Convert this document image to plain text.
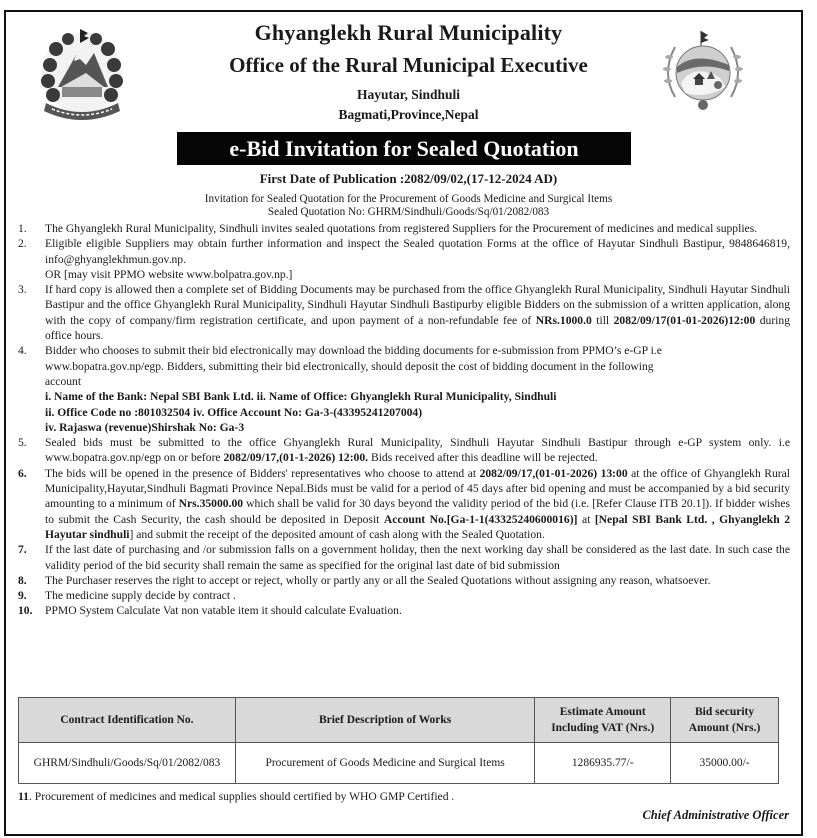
Ghyanglekh Rural Municipality
Office of the Rural Municipal Executive
Hayutar, Sindhuli
Bagmati,Province,Nepal
e-Bid Invitation for Sealed Quotation
First Date of Publication :2082/09/02,(17-12-2024 AD)
Invitation for Sealed Quotation for the Procurement of Goods Medicine and Surgical Items
Sealed Quotation No: GHRM/Sindhuli/Goods/Sq/01/2082/083
1.	The Ghyanglekh Rural Municipality, Sindhuli invites sealed quotations from registered Suppliers for the Procurement of medicines and medical supplies.
2.	Eligible eligible Suppliers may obtain further information and inspect the Sealed quotation Forms at the office of Hayutar Sindhuli Bastipur, 9848646819, info@ghyanglekhmun.gov.np.
OR [may visit PPMO website www.bolpatra.gov.np.]
3.	If hard copy is allowed then a complete set of Bidding Documents may be purchased from the office Ghyanglekh Rural Municipality, Sindhuli Hayutar Sindhuli Bastipur and the office Ghyanglekh Rural Municipality, Sindhuli Hayutar Sindhuli Bastipurby eligible Bidders on the submission of a written application, along with the copy of company/firm registration certificate, and upon payment of a non-refundable fee of NRs.1000.0 till 2082/09/17(01-01-2026)12:00 during office hours.
4.	Bidder who chooses to submit their bid electronically may download the bidding documents for e-submission from PPMO’s e-GP i.e www.bopatra.gov.np/egp. Bidders, submitting their bid electronically, should deposit the cost of bidding document in the following account
i. Name of the Bank: Nepal SBI Bank Ltd. ii. Name of Office: Ghyanglekh Rural Municipality, Sindhuli
ii. Office Code no :801032504 iv. Office Account No: Ga-3-(43395241207004)
iv. Rajaswa (revenue)Shirshak No: Ga-3
5.	Sealed bids must be submitted to the office Ghyanglekh Rural Municipality, Sindhuli Hayutar Sindhuli Bastipur through e-GP system only. i.e www.bopatra.gov.np/egp on or before 2082/09/17,(01-1-2026) 12:00. Bids received after this deadline will be rejected.
6.	The bids will be opened in the presence of Bidders' representatives who choose to attend at 2082/09/17,(01-01-2026) 13:00 at the office of Ghyanglekh Rural Municipality,Hayutar,Sindhuli Bagmati Province Nepal.Bids must be valid for a period of 45 days after bid opening and must be accompanied by a bid security amounting to a minimum of Nrs.35000.00 which shall be valid for 30 days beyond the validity period of the bid (i.e. [Refer Clause ITB 20.1]). If bidder wishes to submit the Cash Security, the cash should be deposited in Deposit Account No.[Ga-1-1(43325240600016)] at [Nepal SBI Bank Ltd. , Ghyanglekh 2 Hayutar sindhuli] and submit the receipt of the deposited amount of cash along with the Sealed Quotation.
7.	If the last date of purchasing and /or submission falls on a government holiday, then the next working day shall be considered as the last date. In such case the validity period of the bid security shall remain the same as specified for the original last date of bid submission
8.	The Purchaser reserves the right to accept or reject, wholly or partly any or all the Sealed Quotations without assigning any reason, whatsoever.
9.	The medicine supply decide by contract .
10.	PPMO System Calculate Vat non vatable item it should calculate Evaluation.
Contract Identification No.	Brief Description of Works	Estimate Amount Including VAT (Nrs.)	Bid security Amount (Nrs.)
GHRM/Sindhuli/Goods/Sq/01/2082/083	Procurement of Goods Medicine and Surgical Items	1286935.77/-	35000.00/-
11. Procurement of medicines and medical supplies should certified by WHO GMP Certified .
Chief Administrative Officer
